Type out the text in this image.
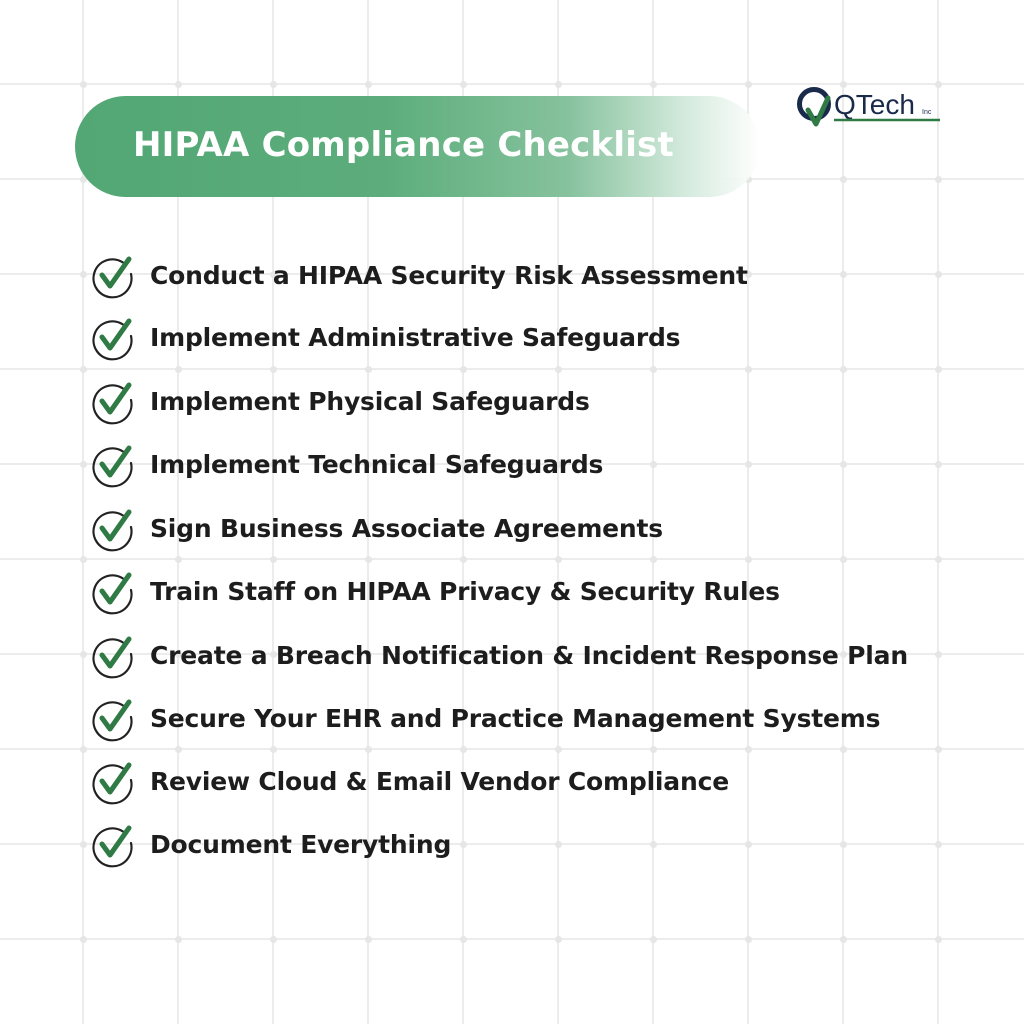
HIPAA Compliance Checklist
QTech Inc
Conduct a HIPAA Security Risk Assessment
Implement Administrative Safeguards
Implement Physical Safeguards
Implement Technical Safeguards
Sign Business Associate Agreements
Train Staff on HIPAA Privacy & Security Rules
Create a Breach Notification & Incident Response Plan
Secure Your EHR and Practice Management Systems
Review Cloud & Email Vendor Compliance
Document Everything
